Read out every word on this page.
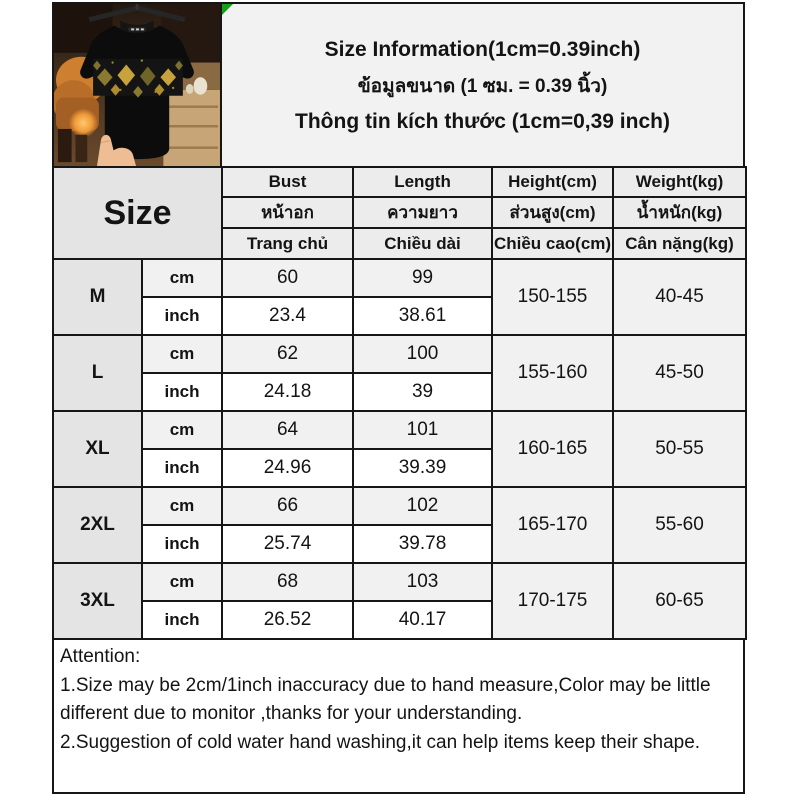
Size Information(1cm=0.39inch)
ข้อมูลขนาด (1 ซม. = 0.39 นิ้ว)
Thông tin kích thước (1cm=0,39 inch)
Size		Bust	Length	Height(cm)	Weight(kg)
		หน้าอก	ความยาว	ส่วนสูง(cm)	น้ำหนัก(kg)
		Trang chủ	Chiều dài	Chiều cao(cm)	Cân nặng(kg)
M	cm	60	99	150-155	40-45
	inch	23.4	38.61		
L	cm	62	100	155-160	45-50
	inch	24.18	39		
XL	cm	64	101	160-165	50-55
	inch	24.96	39.39		
2XL	cm	66	102	165-170	55-60
	inch	25.74	39.78		
3XL	cm	68	103	170-175	60-65
	inch	26.52	40.17		

Attention:

1.Size may be 2cm/1inch inaccuracy due to hand measure,Color may be little different due to monitor ,thanks for your understanding.

2.Suggestion of cold water hand washing,it can help items keep their shape.
